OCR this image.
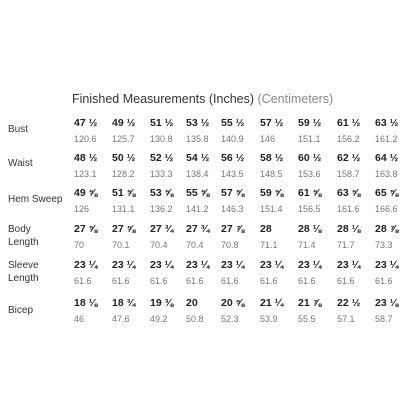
Finished Measurements (Inches) (Centimeters)
Bust
47 ½
120.6
49 ½
125.7
51 ½
130.8
53 ½
135.8
55 ½
140.9
57 ½
146
59 ½
151.1
61 ½
156.2
63 ½
161.2
Waist	48 ½
123.1
50 ½
128.2
52 ½
133.3
54 ½
138.4
56 ½
143.5
58 ½
148.5
60 ½
153.6
62 ½
158.7
64 ½
163.8
Hem Sweep
49 ⅝
126
51 ⅝
131.1
53 ⅝
136.2
55 ⅝
141.2
57 ⅝
146.3
59 ⅝
151.4
61 ⅝
156.5
63 ⅝
161.6
65 ⅝
166.6
Body Length
27 ⅝
70
27 ⅝
70.1
27 ¾
70.4
27 ¾
70.4
27 ⅞
70.8
28
71.1
28 ⅛
71.4
28 ⅛
71.7
28 ⅞
73.3
Sleeve Length
23 ¼
61.6
23 ¼
61.6
23 ¼
61.6
23 ¼
61.6
23 ¼
61.6
23 ¼
61.6
23 ¼
61.6
23 ¼
61.6
23 ¼
61.6
Bicep
18 ⅛
46
18 ¾
47.6
19 ⅜
49.2
20
50.8
20 ⅝
52.3
21 ¼
53.9
21 ⅞
55.5
22 ½
57.1
23 ⅛
58.7
